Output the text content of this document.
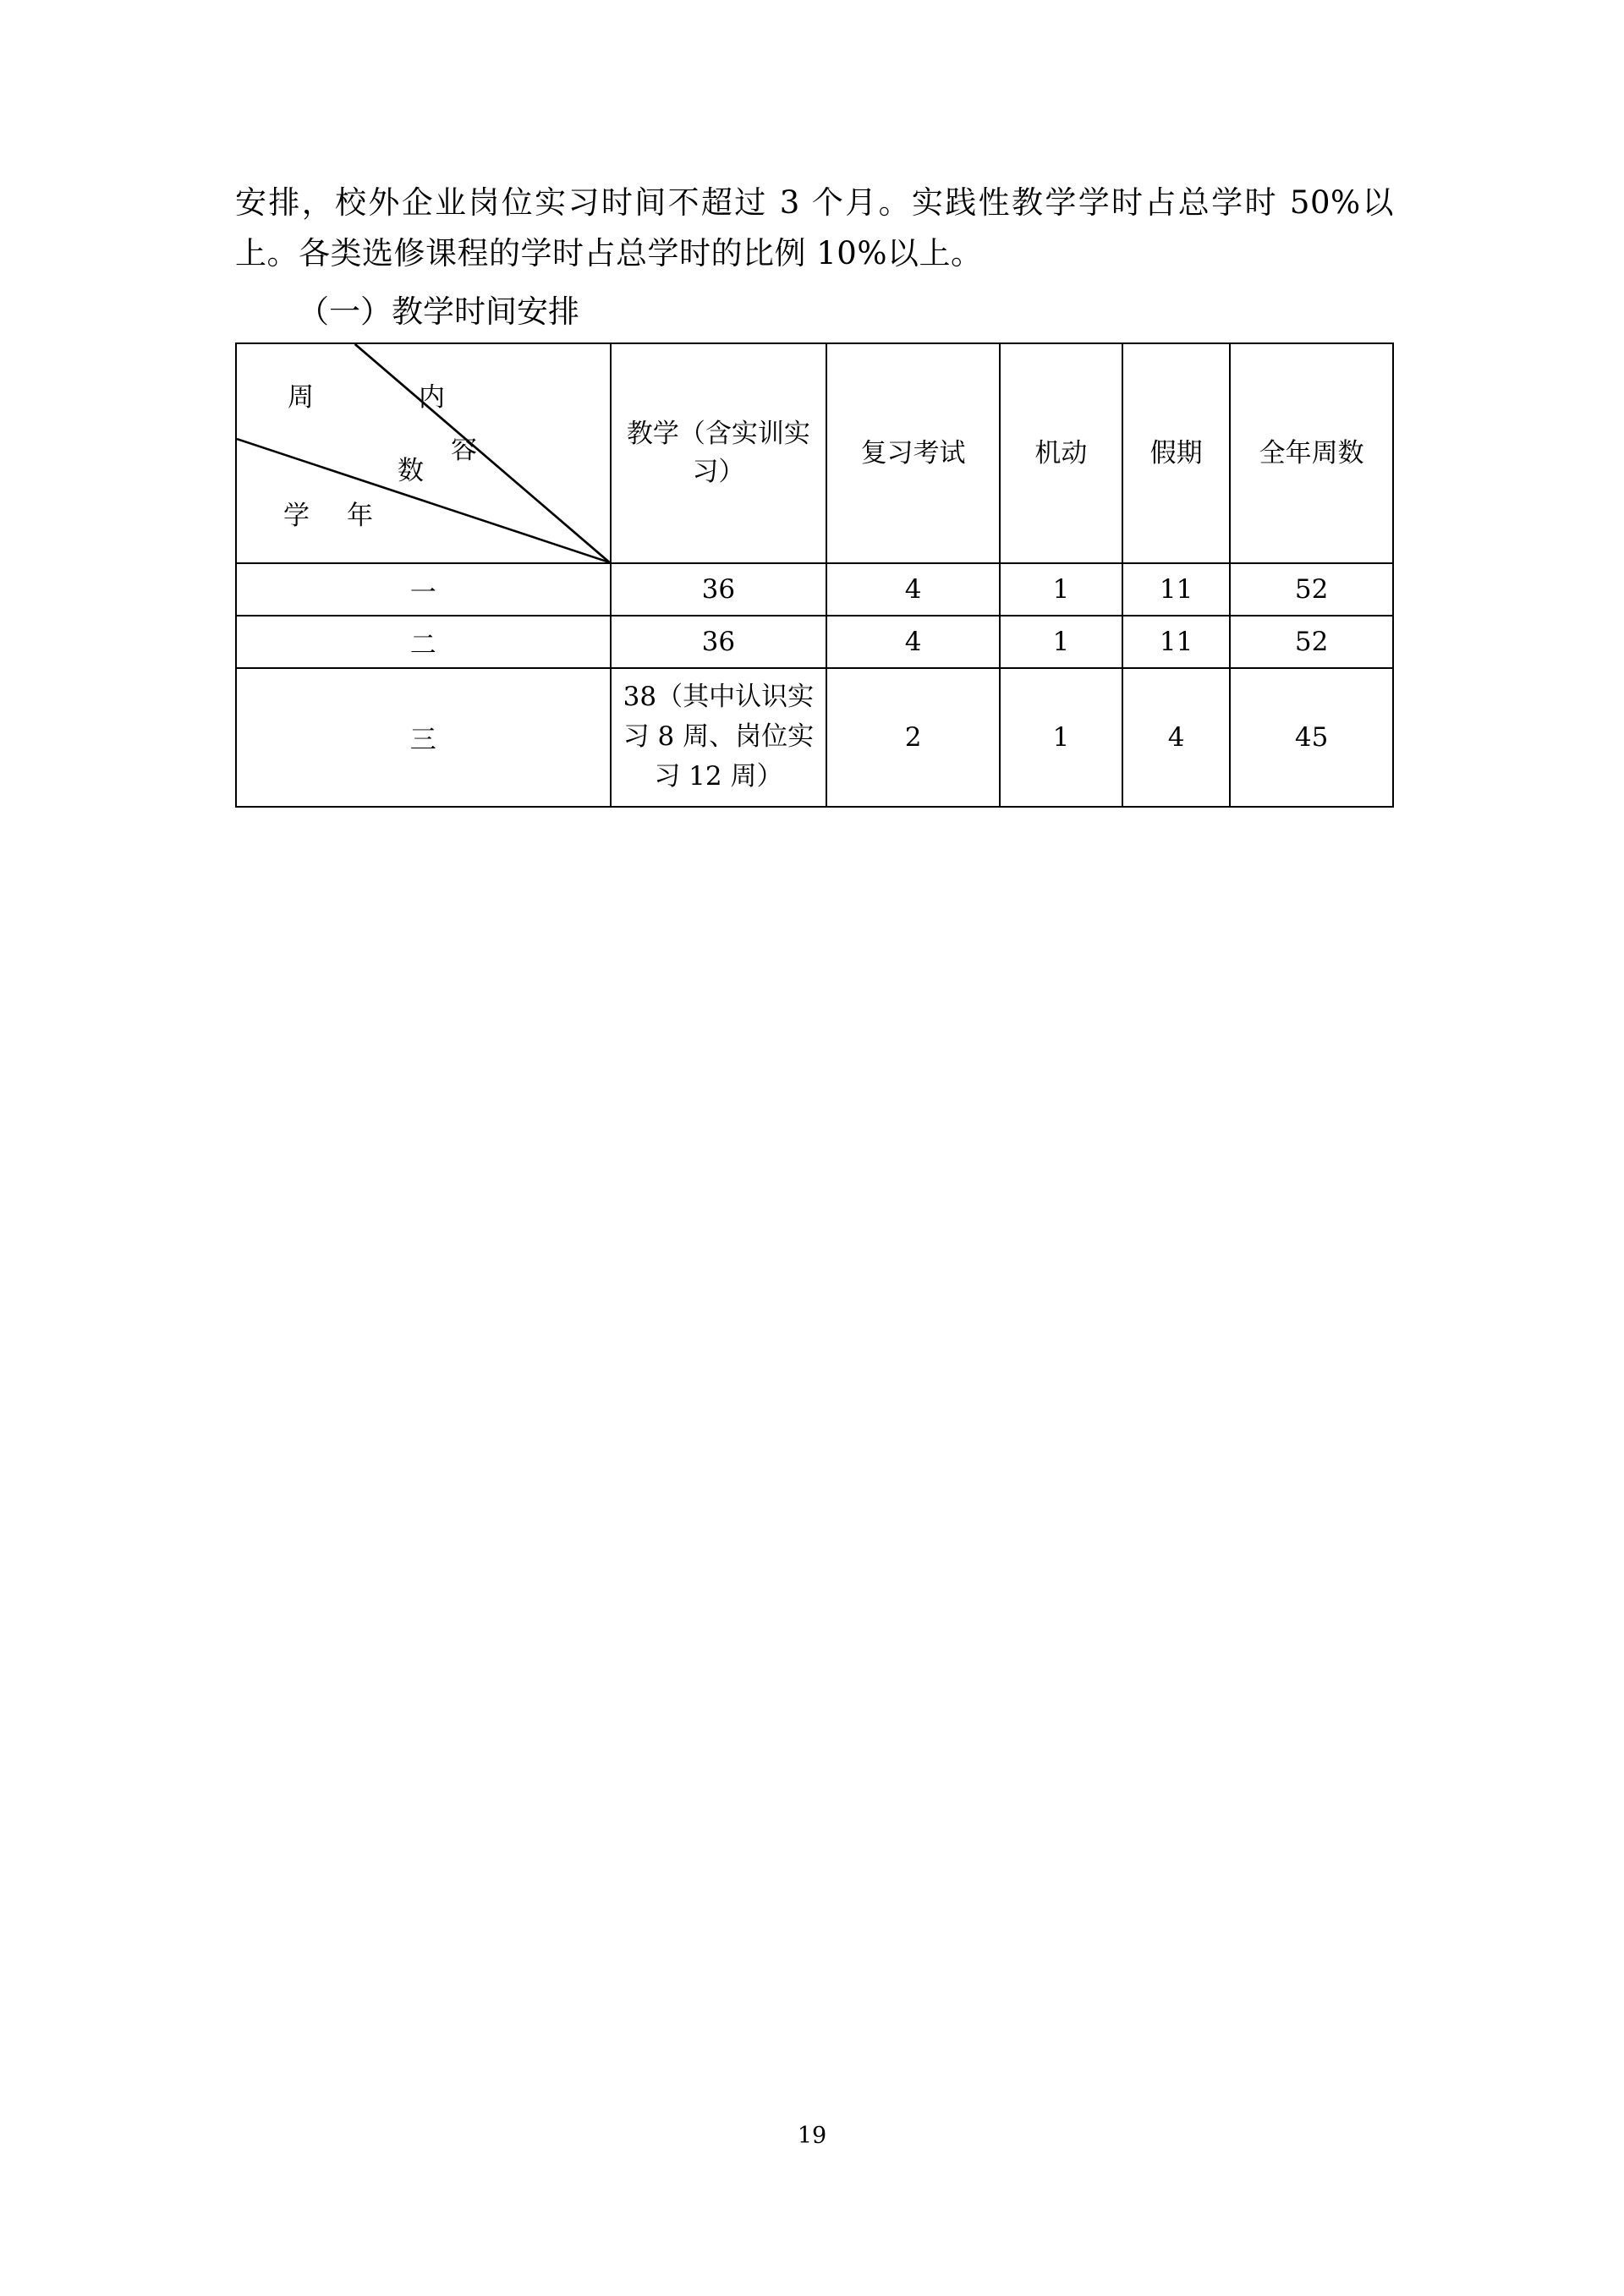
安排，校外企业岗位实习时间不超过 3 个月。实践性教学学时占总学时 50%以上。各类选修课程的学时占总学时的比例 10%以上。

（一）教学时间安排
周	内
容
数
年
学
	教学（含实训实习）	复习考试	机动	假期	全年周数
一	36	4	1	11	52
二	36	4	1	11	52
三	38（其中认识实习 8 周、岗位实习 12 周）	2	1	4	45
19
